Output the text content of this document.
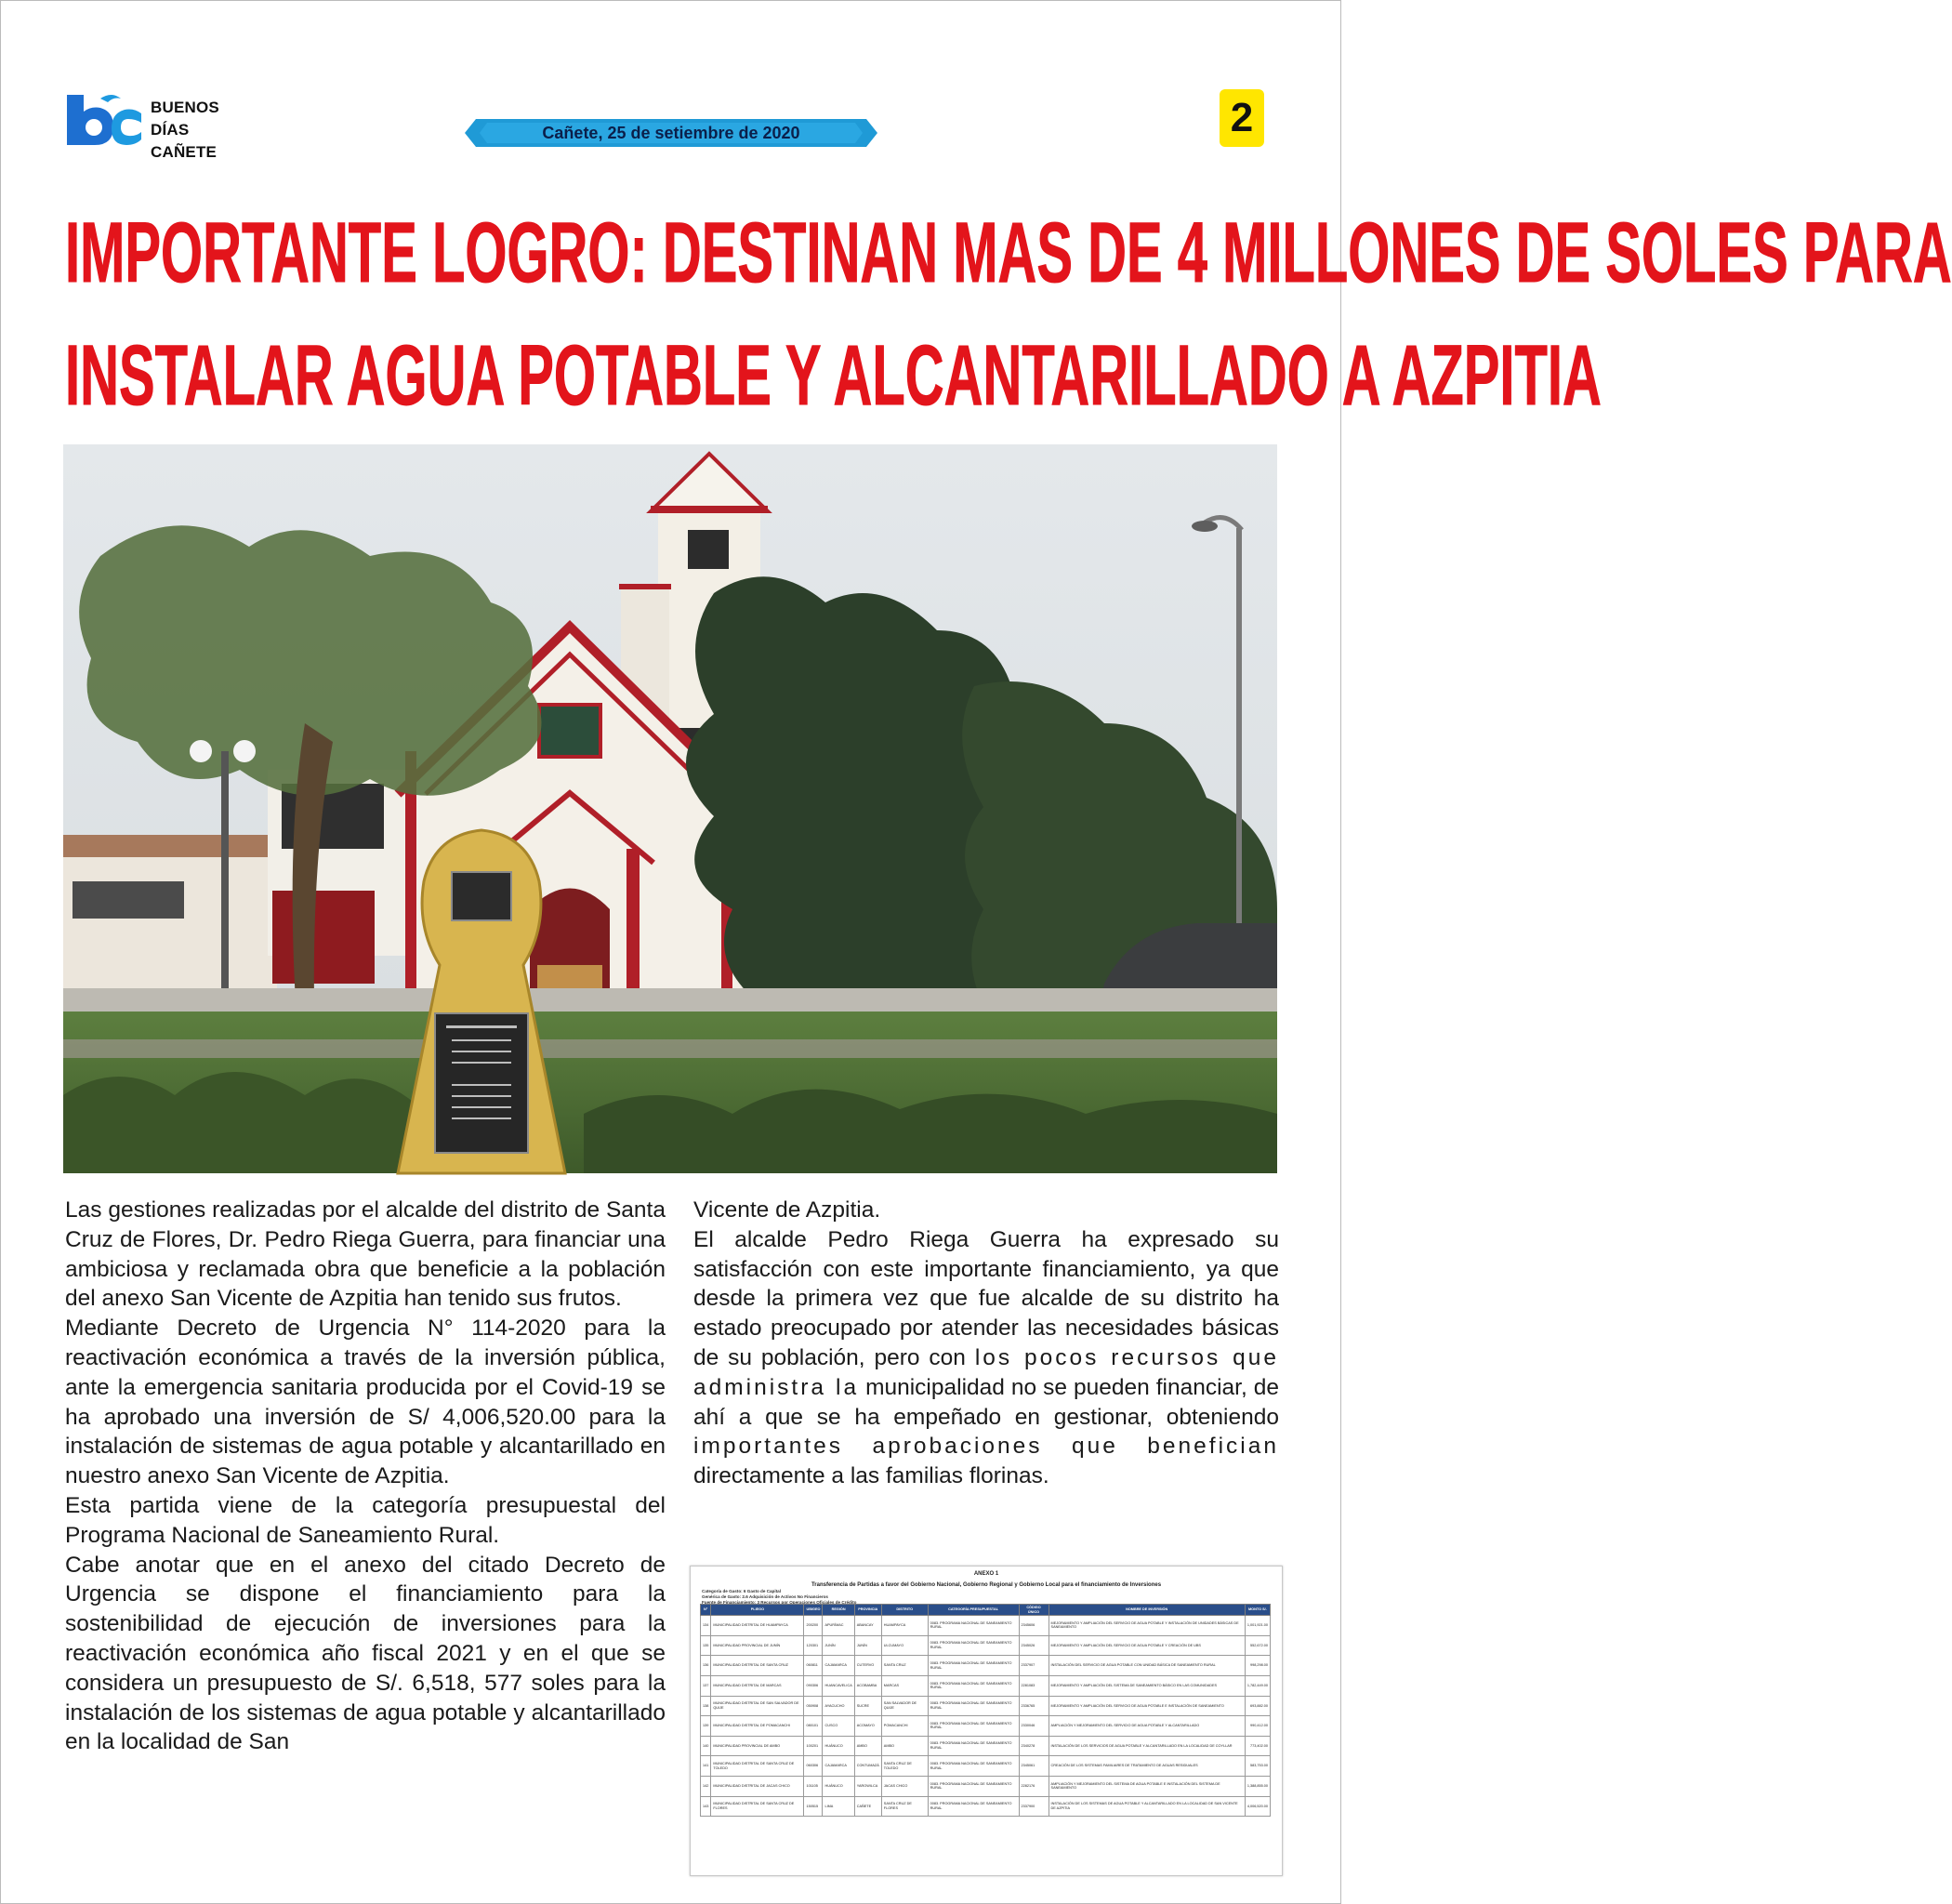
BUENOS
DÍAS CAÑETE
Cañete, 25 de setiembre de 2020	2
IMPORTANTE LOGRO: DESTINAN MAS DE 4 MILLONES DE SOLES PARA
INSTALAR AGUA POTABLE Y ALCANTARILLADO A AZPITIA

Las gestiones realizadas por el alcalde del distrito de Santa Cruz de Flores, Dr. Pedro Riega Guerra, para financiar una ambiciosa y reclamada obra que beneficie a la población del anexo San Vicente de Azpitia han tenido sus frutos.

Mediante Decreto de Urgencia N° 114-2020 para la reactivación económica a través de la inversión pública, ante la emergencia sanitaria producida por el Covid-19 se ha aprobado una inversión de S/ 4,006,520.00 para la instalación de sistemas de agua potable y alcantarillado en nuestro anexo San Vicente de Azpitia.

Esta partida viene de la categoría presupuestal del Programa Nacional de Saneamiento Rural.

Cabe anotar que en el anexo del citado Decreto de Urgencia se dispone el financiamiento para la sostenibilidad de ejecución de inversiones para la reactivación económica año fiscal 2021 y en el que se considera un presupuesto de S/. 6,518, 577 soles para la instalación de los sistemas de agua potable y alcantarillado en la localidad de San

Vicente de Azpitia.

El alcalde Pedro Riega Guerra ha expresado su satisfacción con este importante financiamiento, ya que desde la primera vez que fue alcalde de su distrito ha estado preocupado por atender las necesidades básicas de su población, pero con los pocos recursos que administra la municipalidad no se pueden financiar, de ahí a que se ha empeñado en gestionar, obteniendo importantes aprobaciones que benefician directamente a las familias florinas.

ANEXO 1
Transferencia de Partidas a favor del Gobierno Nacional, Gobierno Regional y Gobierno Local para el financiamiento de Inversiones
Categoría de Gasto: 6 Gasto de Capital
Genérica de Gasto: 2.6 Adquisición de Activos No Financieros
Fuente de Financiamiento: 3 Recursos por Operaciones Oficiales de Crédito
N°	PLIEGO	UBIGEO	REGIÓN	PROVINCIA	DISTRITO	CATEGORÍA PRESUPUESTAL	CÓDIGO ÚNICO	NOMBRE DE INVERSIÓN	MONTO S/.
134	MUNICIPALIDAD DISTRITAL DE HUAMPAYCA	200200	APURÍMAC	ABANCAY	HUAMPAYCA	0083. PROGRAMA NACIONAL DE SANEAMIENTO RURAL	2345606	MEJORAMIENTO Y AMPLIACIÓN DEL SERVICIO DE AGUA POTABLE Y INSTALACIÓN DE UNIDADES BÁSICAS DE SANEAMIENTO	1,001,921.00
135	MUNICIPALIDAD PROVINCIAL DE JUNÍN	120301	JUNÍN	JUNÍN	ULCUMAYO	0083. PROGRAMA NACIONAL DE SANEAMIENTO RURAL	2345026	MEJORAMIENTO Y AMPLIACIÓN DEL SERVICIO DE AGUA POTABLE Y CREACIÓN DE UBS	552,672.00
136	MUNICIPALIDAD DISTRITAL DE SANTA CRUZ	060811	CAJAMARCA	CUTERVO	SANTA CRUZ	0083. PROGRAMA NACIONAL DE SANEAMIENTO RURAL	2337907	INSTALACIÓN DEL SERVICIO DE AGUA POTABLE CON UNIDAD BÁSICA DE SANEAMIENTO RURAL	998,298.00
137	MUNICIPALIDAD DISTRITAL DE MARCAS	090306	HUANCAVELICA	ACOBAMBA	MARCAS	0083. PROGRAMA NACIONAL DE SANEAMIENTO RURAL	2281083	MEJORAMIENTO Y AMPLIACIÓN DEL SISTEMA DE SANEAMIENTO BÁSICO EN LAS COMUNIDADES	1,782,449.00
138	MUNICIPALIDAD DISTRITAL DE SAN SALVADOR DE QUIJE	050908	AYACUCHO	SUCRE	SAN SALVADOR DE QUIJE	0083. PROGRAMA NACIONAL DE SANEAMIENTO RURAL	2336765	MEJORAMIENTO Y AMPLIACIÓN DEL SERVICIO DE AGUA POTABLE E INSTALACIÓN DE SANEAMIENTO	693,882.00
139	MUNICIPALIDAD DISTRITAL DE POMACANCHI	080101	CUSCO	ACOMAYO	POMACANCHI	0083. PROGRAMA NACIONAL DE SANEAMIENTO RURAL	2330046	AMPLIACIÓN Y MEJORAMIENTO DEL SERVICIO DE AGUA POTABLE Y ALCANTARILLADO	990,412.00
140	MUNICIPALIDAD PROVINCIAL DE AMBO	100201	HUÁNUCO	AMBO	AMBO	0083. PROGRAMA NACIONAL DE SANEAMIENTO RURAL	2340278	INSTALACIÓN DE LOS SERVICIOS DE AGUA POTABLE Y ALCANTARILLADO EN LA LOCALIDAD DE COYLLAR	773,402.00
141	MUNICIPALIDAD DISTRITAL DE SANTA CRUZ DE TOLEDO	060306	CAJAMARCA	CONTUMAZÁ	SANTA CRUZ DE TOLEDO	0083. PROGRAMA NACIONAL DE SANEAMIENTO RURAL	2345061	CREACIÓN DE LOS SISTEMAS FAMILIARES DE TRATAMIENTO DE AGUAS RESIDUALES	583,753.00
142	MUNICIPALIDAD DISTRITAL DE JACAS CHICO	101105	HUÁNUCO	YAROWILCA	JACAS CHICO	0083. PROGRAMA NACIONAL DE SANEAMIENTO RURAL	2282176	AMPLIACIÓN Y MEJORAMIENTO DEL SISTEMA DE AGUA POTABLE E INSTALACIÓN DEL SISTEMA DE SANEAMIENTO	1,388,855.00
143	MUNICIPALIDAD DISTRITAL DE SANTA CRUZ DE FLORES	150515	LIMA	CAÑETE	SANTA CRUZ DE FLORES	0083. PROGRAMA NACIONAL DE SANEAMIENTO RURAL	2337900	INSTALACIÓN DE LOS SISTEMAS DE AGUA POTABLE Y ALCANTARILLADO EN LA LOCALIDAD DE SAN VICENTE DE AZPITIA	4,006,520.00
